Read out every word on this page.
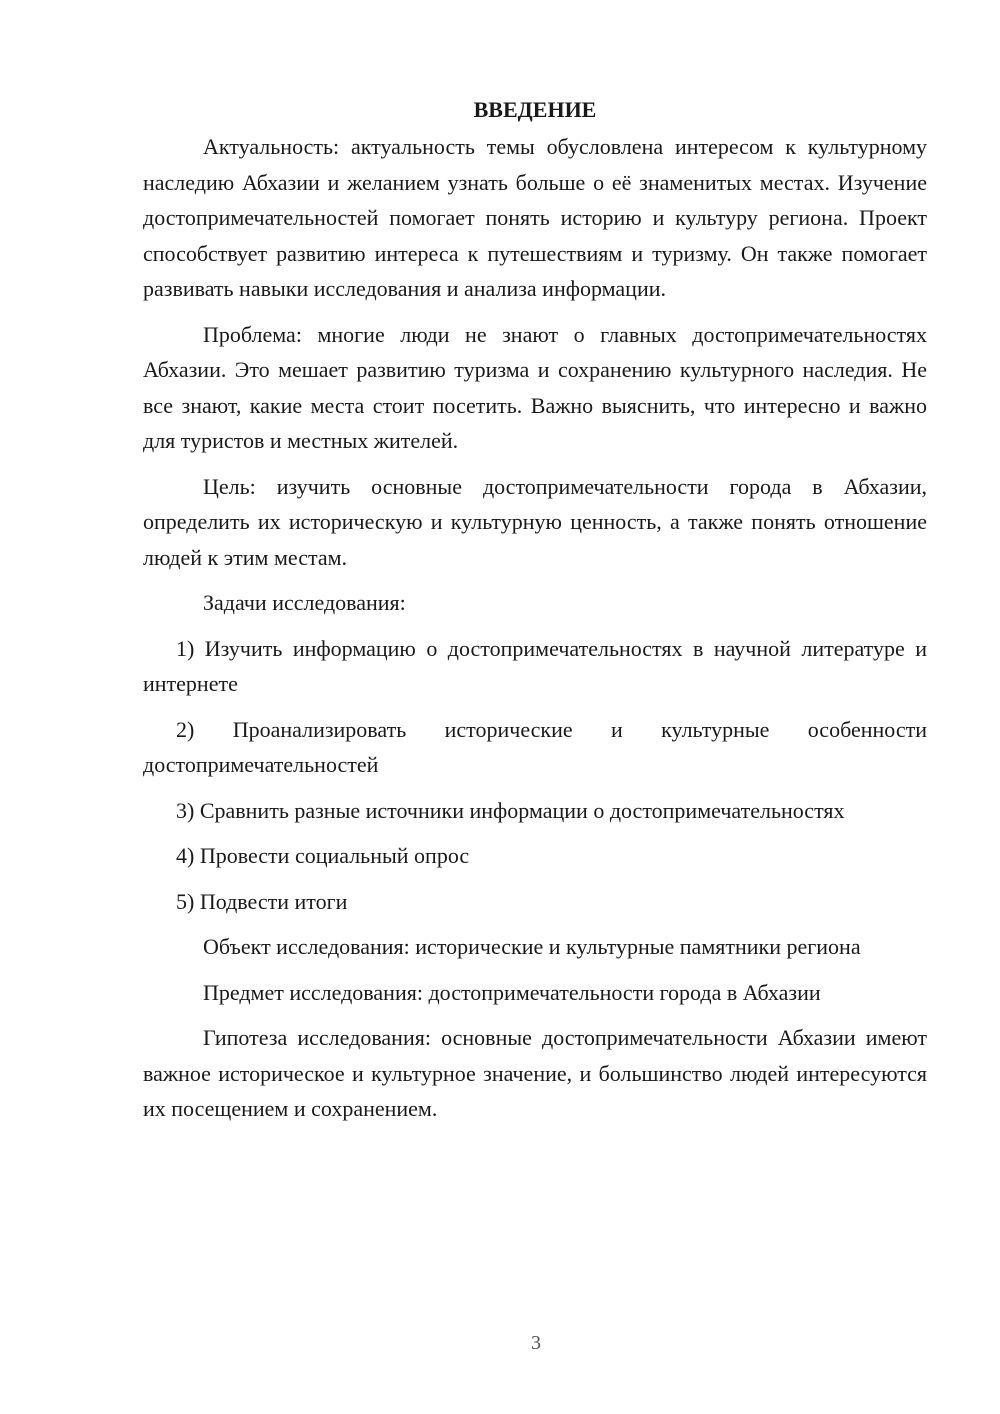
ВВЕДЕНИЕ

Актуальность: актуальность темы обусловлена интересом к культурному наследию Абхазии и желанием узнать больше о её знаменитых местах. Изучение достопримечательностей помогает понять историю и культуру региона. Проект способствует развитию интереса к путешествиям и туризму. Он также помогает развивать навыки исследования и анализа информации.

Проблема: многие люди не знают о главных достопримечательностях Абхазии. Это мешает развитию туризма и сохранению культурного наследия. Не все знают, какие места стоит посетить. Важно выяснить, что интересно и важно для туристов и местных жителей.

Цель: изучить основные достопримечательности города в Абхазии, определить их историческую и культурную ценность, а также понять отношение людей к этим местам.

Задачи исследования:

1) Изучить информацию о достопримечательностях в научной литературе и интернете

2) Проанализировать исторические и культурные особенности достопримечательностей

3) Сравнить разные источники информации о достопримечательностях

4) Провести социальный опрос

5) Подвести итоги

Объект исследования: исторические и культурные памятники региона

Предмет исследования: достопримечательности города в Абхазии

Гипотеза исследования: основные достопримечательности Абхазии имеют важное историческое и культурное значение, и большинство людей интересуются их посещением и сохранением.

3
